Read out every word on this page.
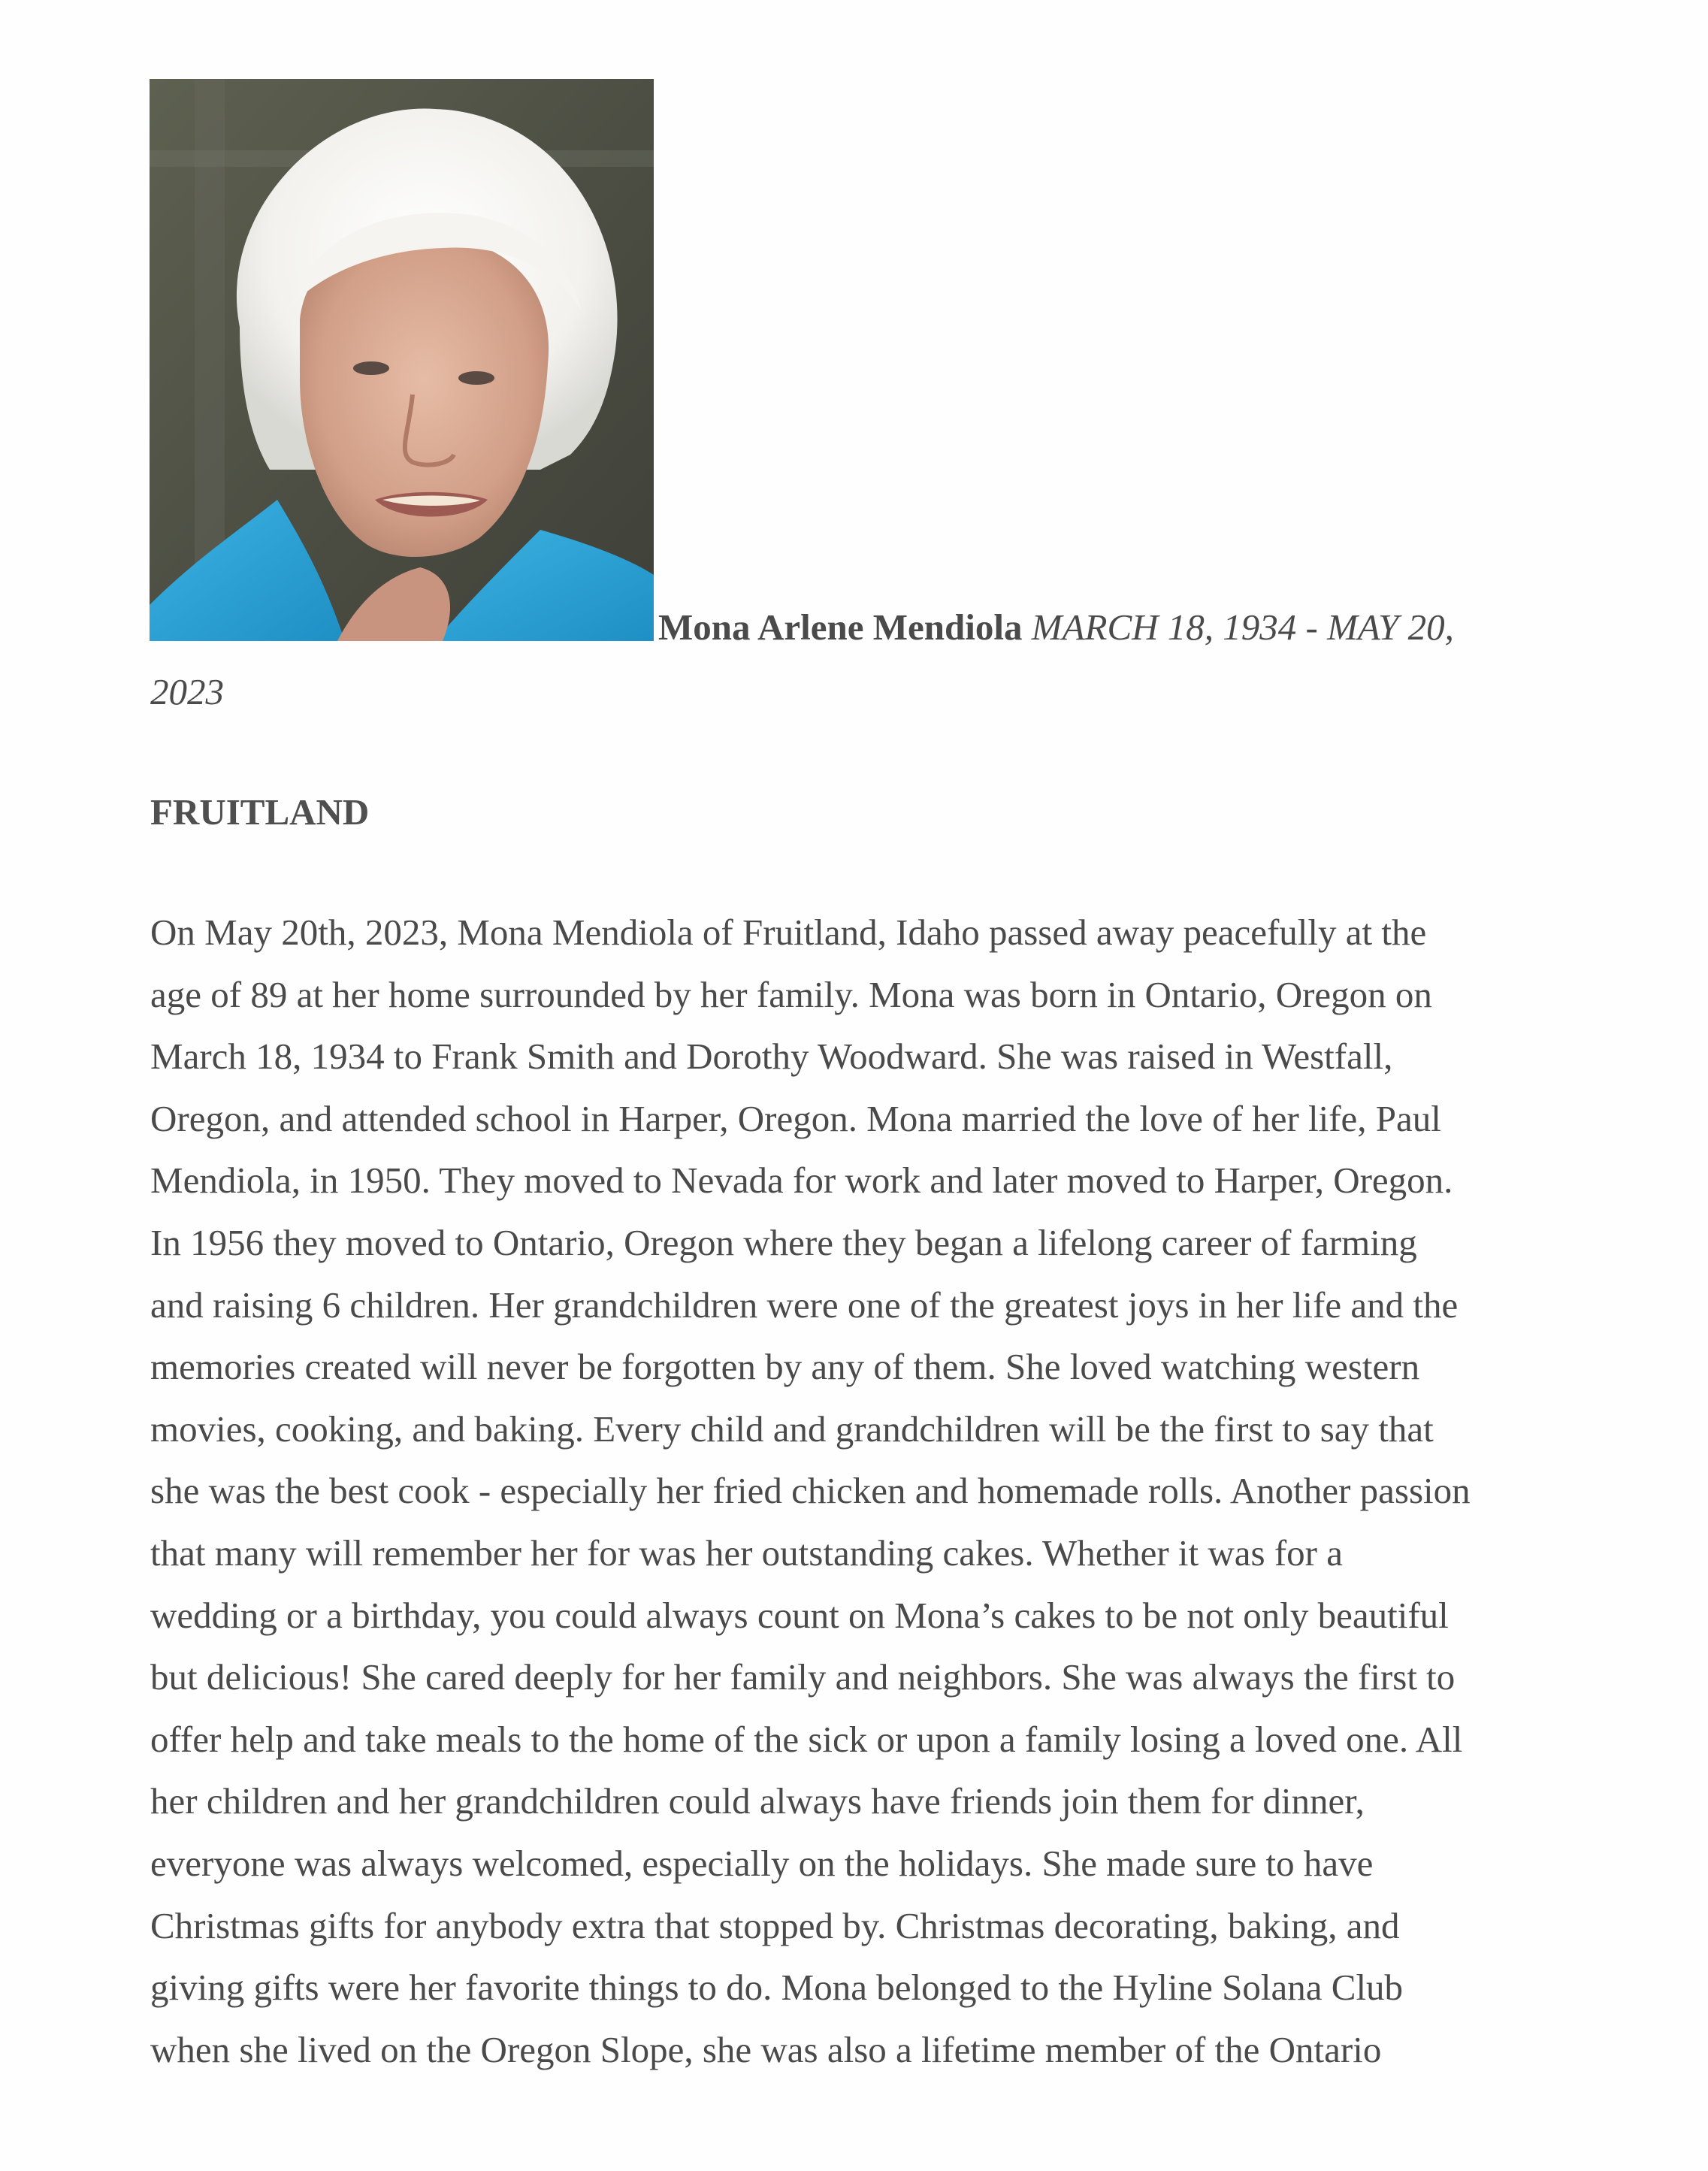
Mona Arlene Mendiola MARCH 18, 1934 - MAY 20,
2023
FRUITLAND
On May 20th, 2023, Mona Mendiola of Fruitland, Idaho passed away peacefully at the
age of 89 at her home surrounded by her family. Mona was born in Ontario, Oregon on
March 18, 1934 to Frank Smith and Dorothy Woodward. She was raised in Westfall,
Oregon, and attended school in Harper, Oregon. Mona married the love of her life, Paul
Mendiola, in 1950. They moved to Nevada for work and later moved to Harper, Oregon.
In 1956 they moved to Ontario, Oregon where they began a lifelong career of farming
and raising 6 children. Her grandchildren were one of the greatest joys in her life and the
memories created will never be forgotten by any of them. She loved watching western
movies, cooking, and baking. Every child and grandchildren will be the first to say that
she was the best cook - especially her fried chicken and homemade rolls. Another passion
that many will remember her for was her outstanding cakes. Whether it was for a
wedding or a birthday, you could always count on Mona’s cakes to be not only beautiful
but delicious! She cared deeply for her family and neighbors. She was always the first to
offer help and take meals to the home of the sick or upon a family losing a loved one. All
her children and her grandchildren could always have friends join them for dinner,
everyone was always welcomed, especially on the holidays. She made sure to have
Christmas gifts for anybody extra that stopped by. Christmas decorating, baking, and
giving gifts were her favorite things to do. Mona belonged to the Hyline Solana Club
when she lived on the Oregon Slope, she was also a lifetime member of the Ontario
